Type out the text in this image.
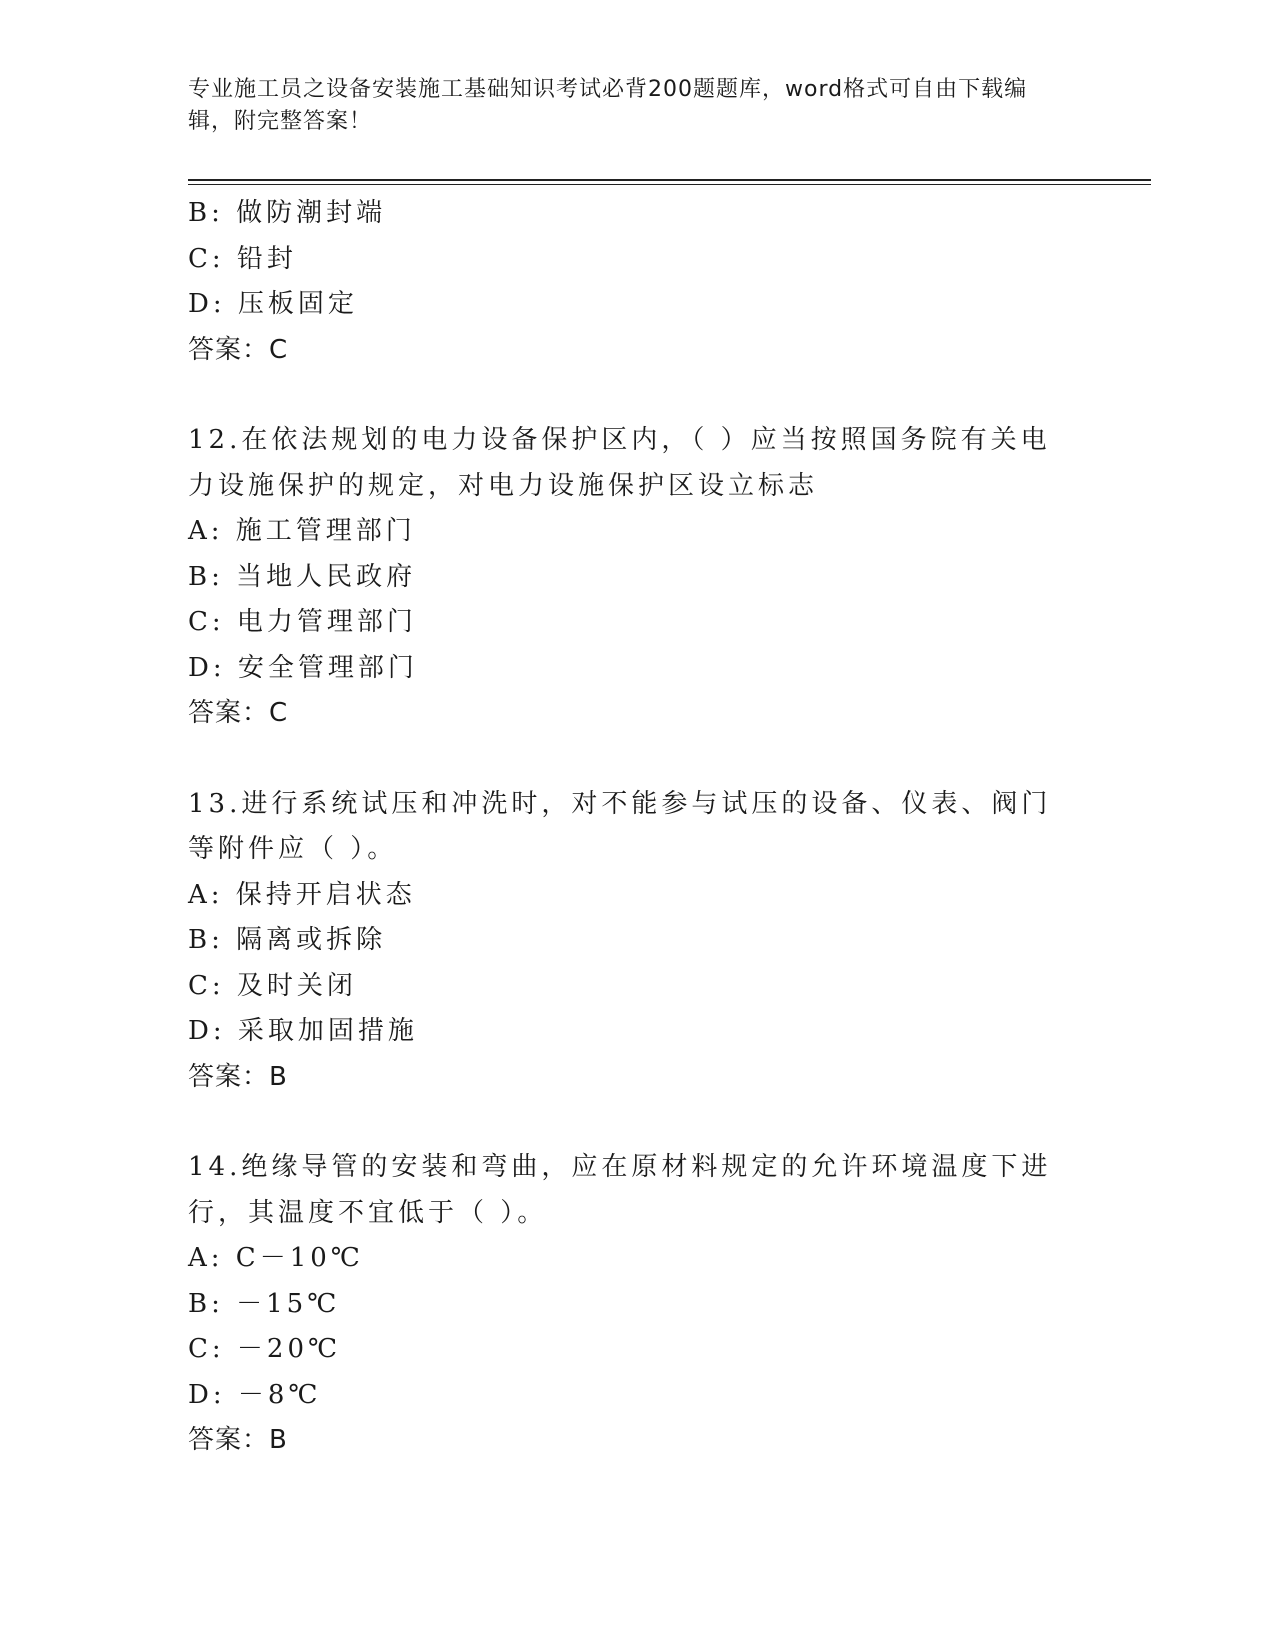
专业施工员之设备安装施工基础知识考试必背200题题库，word格式可自由下载编辑，附完整答案！
B: 做防潮封端
C: 铅封
D: 压板固定
答案：C
12.在依法规划的电力设备保护区内，（ ）应当按照国务院有关电力设施保护的规定，对电力设施保护区设立标志
A: 施工管理部门
B: 当地人民政府
C: 电力管理部门
D: 安全管理部门
答案：C
13.进行系统试压和冲洗时，对不能参与试压的设备、仪表、阀门等附件应（ ）。
A: 保持开启状态
B: 隔离或拆除
C: 及时关闭
D: 采取加固措施
答案：B
14.绝缘导管的安装和弯曲，应在原材料规定的允许环境温度下进行，其温度不宜低于（ ）。
A: C－10℃
B: －15℃
C: －20℃
D: －8℃
答案：B
